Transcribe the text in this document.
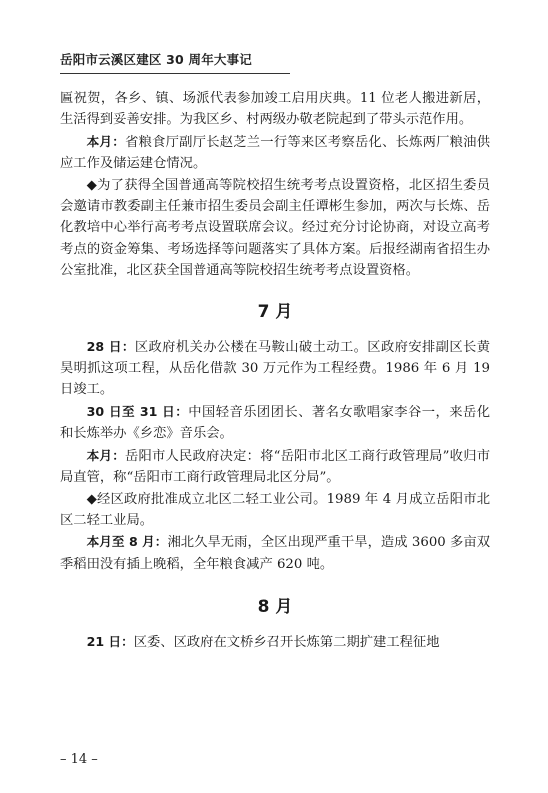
岳阳市云溪区建区 30 周年大事记

匾祝贺，各乡、镇、场派代表参加竣工启用庆典。11 位老人搬进新居，生活得到妥善安排。为我区乡、村两级办敬老院起到了带头示范作用。

本月：省粮食厅副厅长赵芝兰一行等来区考察岳化、长炼两厂粮油供应工作及储运建仓情况。

◆为了获得全国普通高等院校招生统考考点设置资格，北区招生委员会邀请市教委副主任兼市招生委员会副主任谭彬生参加，两次与长炼、岳化教培中心举行高考考点设置联席会议。经过充分讨论协商，对设立高考考点的资金筹集、考场选择等问题落实了具体方案。后报经湖南省招生办公室批准，北区获全国普通高等院校招生统考考点设置资格。

7 月

28 日：区政府机关办公楼在马鞍山破土动工。区政府安排副区长黄昊明抓这项工程，从岳化借款 30 万元作为工程经费。1986 年 6 月 19 日竣工。

30 日至 31 日：中国轻音乐团团长、著名女歌唱家李谷一，来岳化和长炼举办《乡恋》音乐会。

本月：岳阳市人民政府决定：将“岳阳市北区工商行政管理局”收归市局直管，称“岳阳市工商行政管理局北区分局”。

◆经区政府批准成立北区二轻工业公司。1989 年 4 月成立岳阳市北区二轻工业局。

本月至 8 月：湘北久旱无雨，全区出现严重干旱，造成 3600 多亩双季稻田没有插上晚稻，全年粮食减产 620 吨。

8 月

21 日：区委、区政府在文桥乡召开长炼第二期扩建工程征地

– 14 –
